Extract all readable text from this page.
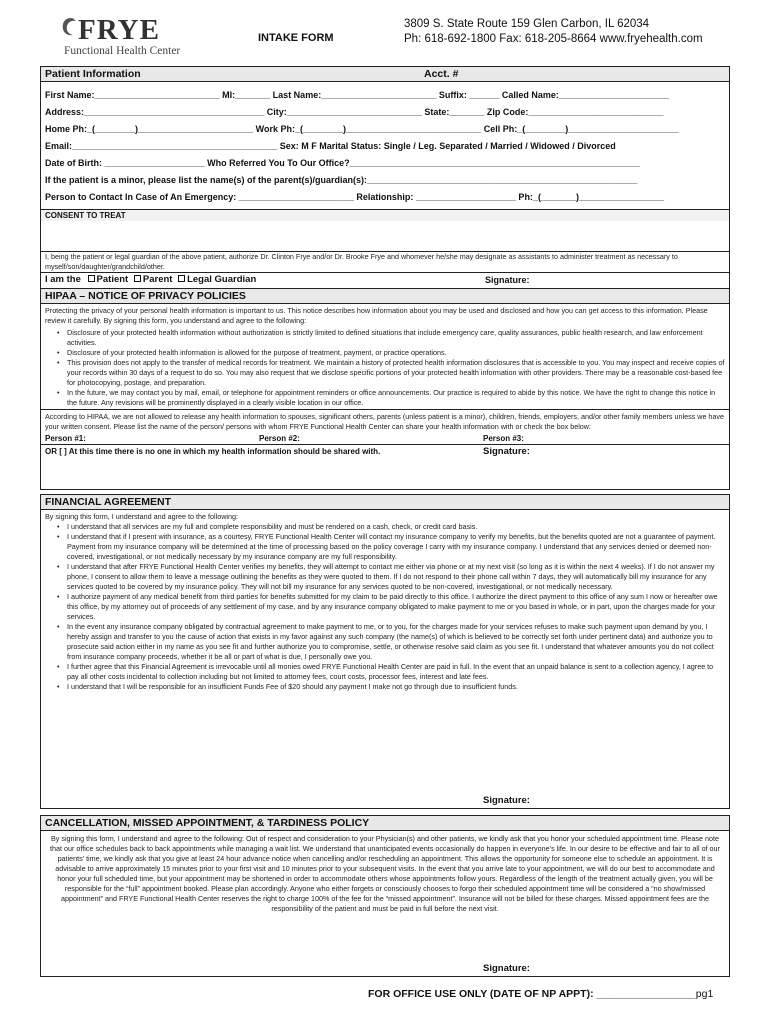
FRYE
Functional Health Center
INTAKE FORM
3809 S. State Route 159 Glen Carbon, IL 62034
Ph: 618-692-1800 Fax: 618-205-8664 www.fryehealth.com
Patient Information	Acct. #
First Name:_________________________ MI:_______ Last Name:_______________________ Suffix: ______ Called Name:______________________
Address:____________________________________ City:___________________________ State:_______ Zip Code:___________________________
Home Ph:_(________)_______________________ Work Ph:_(________)___________________________ Cell Ph:_(________)______________________
Email:_________________________________________ Sex: M F Marital Status: Single / Leg. Separated / Married / Widowed / Divorced
Date of Birth: ____________________ Who Referred You To Our Office?__________________________________________________________
If the patient is a minor, please list the name(s) of the parent(s)/guardian(s):______________________________________________________
Person to Contact In Case of An Emergency: _______________________ Relationship: ____________________ Ph:_(_______)_________________
CONSENT TO TREAT
I, being the patient or legal guardian of the above patient, authorize Dr. Clinton Frye and/or Dr. Brooke Frye and whomever he/she may designate as assistants to administer treatment as necessary to myself/son/daughter/grandchild/other.
I am the Patient Parent Legal Guardian	Signature:
HIPAA – NOTICE OF PRIVACY POLICIES
Protecting the privacy of your personal health information is important to us. This notice describes how information about you may be used and disclosed and how you can get access to this information. Please review it carefully. By signing this form, you understand and agree to the following:
• Disclosure of your protected health information without authorization is strictly limited to defined situations that include emergency care, quality assurances, public health research, and law enforcement activities.
• Disclosure of your protected health information is allowed for the purpose of treatment, payment, or practice operations.
• This provision does not apply to the transfer of medical records for treatment. We maintain a history of protected health information disclosures that is accessible to you. You may inspect and receive copies of your records within 30 days of a request to do so. You may also request that we disclose specific portions of your protected health information with other providers. There may be a reasonable cost-based fee for photocopying, postage, and preparation.
• In the future, we may contact you by mail, email, or telephone for appointment reminders or office announcements. Our practice is required to abide by this notice. We have the right to change this notice in the future. Any revisions will be prominently displayed in a clearly visible location in our office.
According to HIPAA, we are not allowed to release any health information to spouses, significant others, parents (unless patient is a minor), children, friends, employers, and/or other family members unless we have your written consent. Please list the name of the person/ persons with whom FRYE Functional Health Center can share your health information with or check the box below:
Person #1:	Person #2:	Person #3:
OR [ ] At this time there is no one in which my health information should be shared with.	Signature:
FINANCIAL AGREEMENT
By signing this form, I understand and agree to the following:
• I understand that all services are my full and complete responsibility and must be rendered on a cash, check, or credit card basis.
• I understand that if I present with insurance, as a courtesy, FRYE Functional Health Center will contact my insurance company to verify my benefits, but the benefits quoted are not a guarantee of payment. Payment from my insurance company will be determined at the time of processing based on the policy coverage I carry with my insurance company. I understand that any services denied or deemed non-covered, investigational, or not medically necessary by my insurance company are my full responsibility.
• I understand that after FRYE Functional Health Center verifies my benefits, they will attempt to contact me either via phone or at my next visit (so long as it is within the next 4 weeks). If I do not answer my phone, I consent to allow them to leave a message outlining the benefits as they were quoted to them. If I do not respond to their phone call within 7 days, they will automatically bill my insurance for any services quoted to be covered by my insurance policy. They will not bill my insurance for any services quoted to be non-covered, investigational, or not medically necessary.
• I authorize payment of any medical benefit from third parties for benefits submitted for my claim to be paid directly to this office. I authorize the direct payment to this office of any sum I now or hereafter owe this office, by my attorney out of proceeds of any settlement of my case, and by any insurance company obligated to make payment to me or you based in whole, or in part, upon the charges made for your services.
• In the event any insurance company obligated by contractual agreement to make payment to me, or to you, for the charges made for your services refuses to make such payment upon demand by you, I hereby assign and transfer to you the cause of action that exists in my favor against any such company (the name(s) of which is believed to be correctly set forth under pertinent data) and authorize you to prosecute said action either in my name as you see fit and further authorize you to compromise, settle, or otherwise resolve said claim as you see fit. I understand that whatever amounts you do not collect from insurance company proceeds, whether it be all or part of what is due, I personally owe you.
• I further agree that this Financial Agreement is irrevocable until all monies owed FRYE Functional Health Center are paid in full. In the event that an unpaid balance is sent to a collection agency, I agree to pay all other costs incidental to collection including but not limited to attorney fees, court costs, processor fees, interest and late fees.
• I understand that I will be responsible for an insufficient Funds Fee of $20 should any payment I make not go through due to insufficient funds.
Signature:
CANCELLATION, MISSED APPOINTMENT, & TARDINESS POLICY
By signing this form, I understand and agree to the following: Out of respect and consideration to your Physician(s) and other patients, we kindly ask that you honor your scheduled appointment time. Please note that our office schedules back to back appointments while managing a wait list. We understand that unanticipated events occasionally do happen in everyone’s life. In our desire to be effective and fair to all of our patients’ time, we kindly ask that you give at least 24 hour advance notice when cancelling and/or rescheduling an appointment. This allows the opportunity for someone else to schedule an appointment. It is advisable to arrive approximately 15 minutes prior to your first visit and 10 minutes prior to your subsequent visits. In the event that you arrive late to your appointment, we will do our best to accommodate and honor your full scheduled time, but your appointment may be shortened in order to accommodate others whose appointments follow yours. Regardless of the length of the treatment actually given, you will be responsible for the “full” appointment booked. Please plan accordingly. Anyone who either forgets or consciously chooses to forgo their scheduled appointment time will be considered a “no show/missed appointment” and FRYE Functional Health Center reserves the right to charge 100% of the fee for the “missed appointment”. Insurance will not be billed for these charges. Missed appointment fees are the responsibility of the patient and must be paid in full before the next visit.
Signature:
FOR OFFICE USE ONLY (DATE OF NP APPT): _________________pg1
